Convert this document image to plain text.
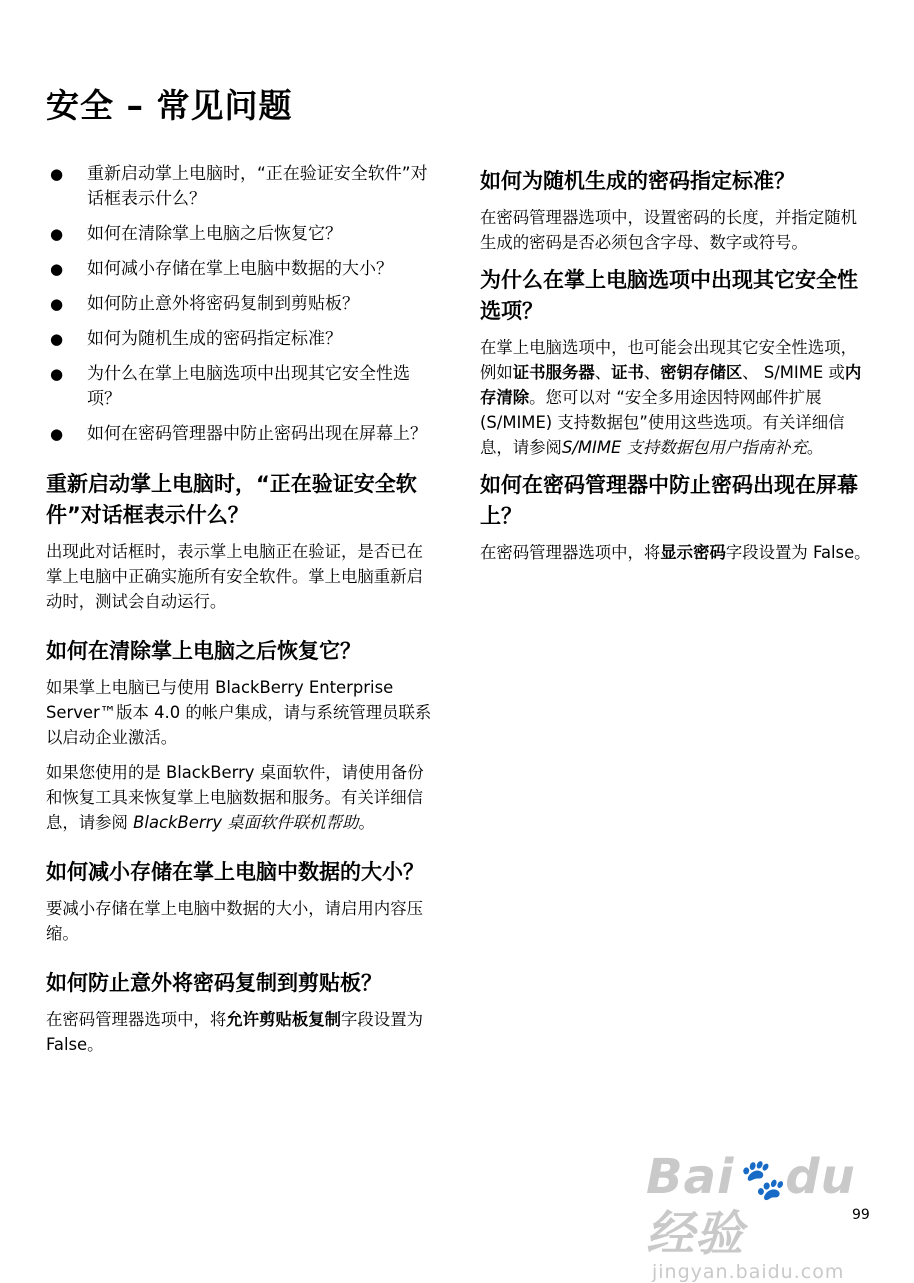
安全 – 常见问题
● 重新启动掌上电脑时，“正在验证安全软件”对话框表示什么？
● 如何在清除掌上电脑之后恢复它？
● 如何减小存储在掌上电脑中数据的大小？
● 如何防止意外将密码复制到剪贴板？
● 如何为随机生成的密码指定标准？
● 为什么在掌上电脑选项中出现其它安全性选项？
● 如何在密码管理器中防止密码出现在屏幕上？
重新启动掌上电脑时，“正在验证安全软件”对话框表示什么？

出现此对话框时，表示掌上电脑正在验证，是否已在掌上电脑中正确实施所有安全软件。掌上电脑重新启动时，测试会自动运行。

如何在清除掌上电脑之后恢复它？

如果掌上电脑已与使用 BlackBerry Enterprise Server™版本 4.0 的帐户集成，请与系统管理员联系以启动企业激活。

如果您使用的是 BlackBerry 桌面软件，请使用备份和恢复工具来恢复掌上电脑数据和服务。有关详细信息，请参阅 BlackBerry 桌面软件联机帮助。

如何减小存储在掌上电脑中数据的大小？

要减小存储在掌上电脑中数据的大小，请启用内容压缩。

如何防止意外将密码复制到剪贴板？

在密码管理器选项中，将允许剪贴板复制字段设置为 False。

如何为随机生成的密码指定标准？

在密码管理器选项中，设置密码的长度，并指定随机生成的密码是否必须包含字母、数字或符号。

为什么在掌上电脑选项中出现其它安全性选项？

在掌上电脑选项中，也可能会出现其它安全性选项，例如证书服务器、证书、密钥存储区、 S/MIME 或内存清除。您可以对 “安全多用途因特网邮件扩展 (S/MIME) 支持数据包”使用这些选项。有关详细信息，请参阅S/MIME 支持数据包用户指南补充。

如何在密码管理器中防止密码出现在屏幕上？

在密码管理器选项中，将显示密码字段设置为 False。

Bai🐾du经验
jingyan.baidu.com
99
